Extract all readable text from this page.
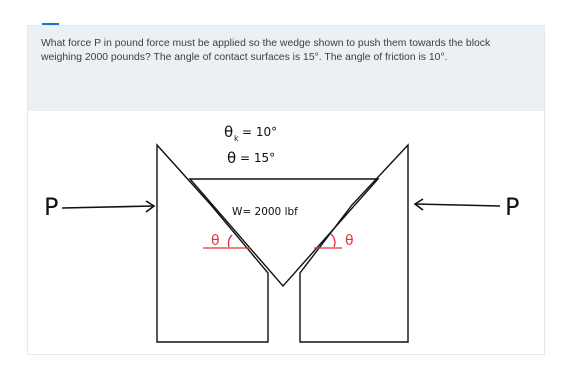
What force P in pound force must be applied so the wedge shown to push them towards the block weighing 2000 pounds? The angle of contact surfaces is 15°. The angle of friction is 10°.

θ k = 10°
θ = 15°
W= 2000 lbf
P	P
θ	θ
